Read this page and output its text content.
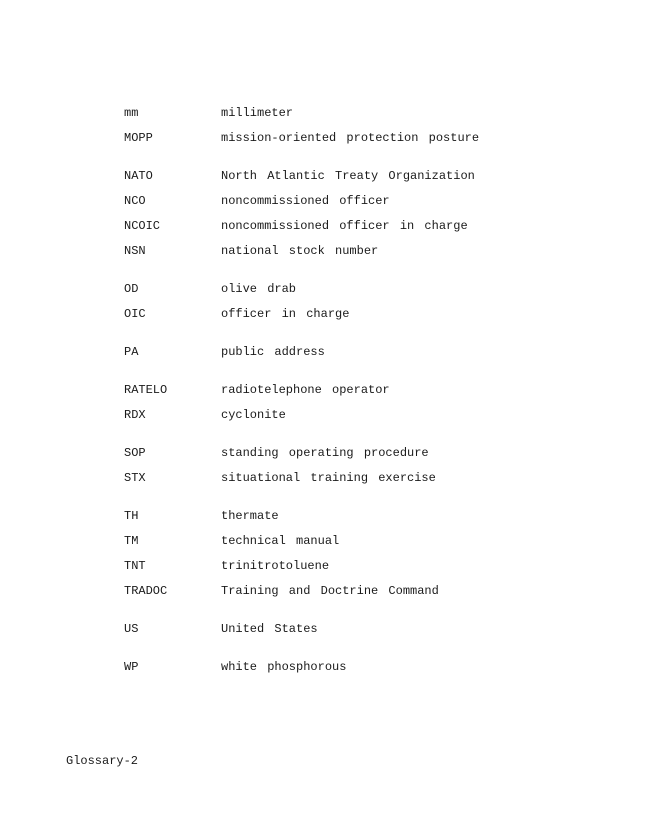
mm	millimeter
MOPP	mission-oriented protection posture
NATO	North Atlantic Treaty Organization
NCO	noncommissioned officer
NCOIC	noncommissioned officer in charge
NSN	national stock number
OD	olive drab
OIC	officer in charge
PA	public address
RATELO	radiotelephone operator
RDX	cyclonite
SOP	standing operating procedure
STX	situational training exercise
TH	thermate
TM	technical manual
TNT	trinitrotoluene
TRADOC	Training and Doctrine Command
US	United States
WP	white phosphorous
Glossary-2
